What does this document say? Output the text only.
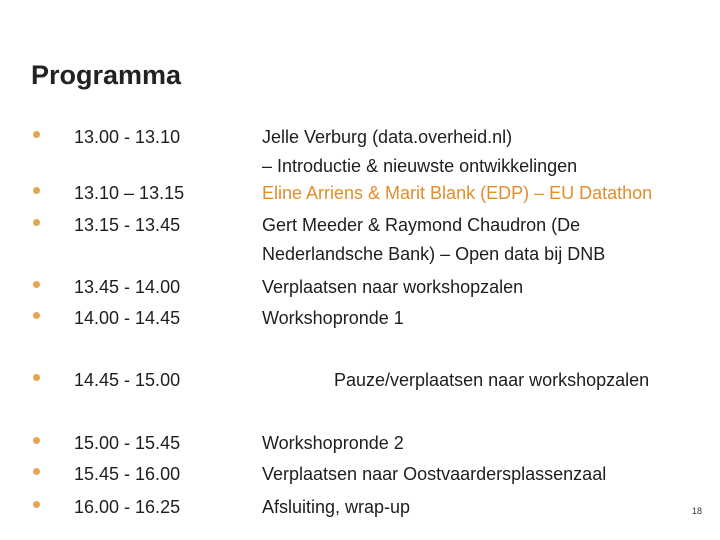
Programma
13.00 - 13.10	Jelle Verburg (data.overheid.nl)
– Introductie & nieuwste ontwikkelingen
13.10 – 13.15	Eline Arriens & Marit Blank (EDP) – EU Datathon
13.15 - 13.45	Gert Meeder & Raymond Chaudron (De
Nederlandsche Bank) – Open data bij DNB
13.45 - 14.00	Verplaatsen naar workshopzalen
14.00 - 14.45	Workshopronde 1
14.45 - 15.00	Pauze/verplaatsen naar workshopzalen
15.00 - 15.45	Workshopronde 2
15.45 - 16.00	Verplaatsen naar Oostvaardersplassenzaal
16.00 - 16.25	Afsluiting, wrap-up	18
